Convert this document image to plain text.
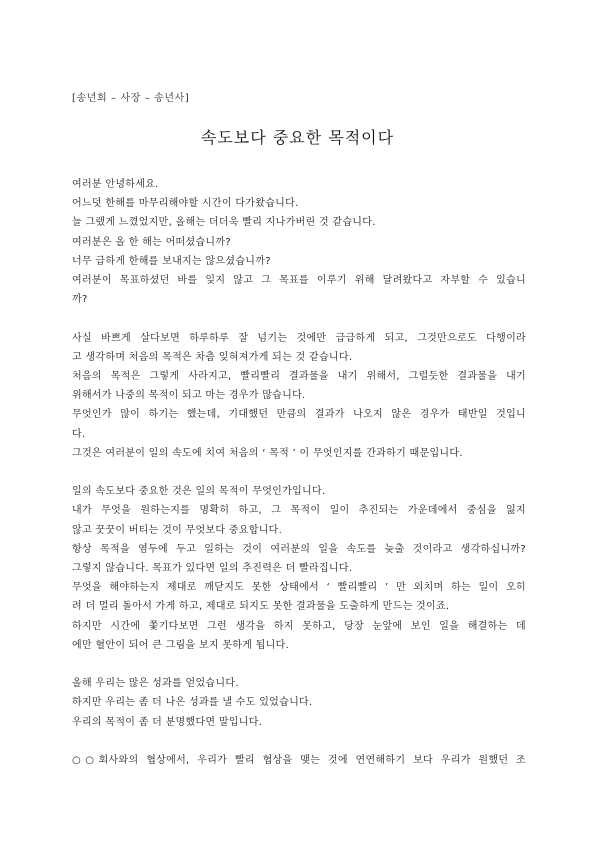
[송년회 – 사장 – 송년사]
속도보다 중요한 목적이다
여러분 안녕하세요.
어느덧 한해를 마무리해야할 시간이 다가왔습니다.
늘 그랬게 느꼈었지만, 올해는 더더욱 빨리 지나가버린 것 같습니다.
여러분은 올 한 해는 어떠셨습니까?
너무 급하게 한해를 보내지는 않으셨습니까?
여러분이 목표하셨던 바를 잊지 않고 그 목표를 이루기 위해 달려왔다고 자부할 수 있습니
까?
사실 바쁘게 살다보면 하루하루 잘 넘기는 것에만 급급하게 되고, 그것만으로도 다행이라
고 생각하며 처음의 목적은 차츰 잊혀져가게 되는 것 같습니다.
처음의 목적은 그렇게 사라지고, 빨리빨리 결과물을 내기 위해서, 그럴듯한 결과물을 내기
위해서가 나중의 목적이 되고 마는 경우가 많습니다.
무엇인가 많이 하기는 했는데, 기대했던 만큼의 결과가 나오지 않은 경우가 태반일 것입니
다.
그것은 여러분이 일의 속도에 치여 처음의 ‘ 목적 ’ 이 무엇인지를 간과하기 때문입니다.
일의 속도보다 중요한 것은 일의 목적이 무엇인가입니다.
내가 무엇을 원하는지를 명확히 하고, 그 목적이 일이 추진되는 가운데에서 중심을 잃지
않고 꿋꿋이 버티는 것이 무엇보다 중요합니다.
항상 목적을 염두에 두고 일하는 것이 여러분의 일을 속도를 늦출 것이라고 생각하십니까?
그렇지 않습니다. 목표가 있다면 일의 추진력은 더 빨라집니다.
무엇을 해야하는지 제대로 깨닫지도 못한 상태에서 ‘ 빨리빨리 ’ 만 외치며 하는 일이 오히
려 더 멀리 돌아서 가게 하고, 제대로 되지도 못한 결과물을 도출하게 만드는 것이죠.
하지만 시간에 쫓기다보면 그런 생각을 하지 못하고, 당장 눈앞에 보인 일을 해결하는 데
에만 혈안이 되어 큰 그림을 보지 못하게 됩니다.
올해 우리는 많은 성과를 얻었습니다.
하지만 우리는 좀 더 나은 성과를 낼 수도 있었습니다.
우리의 목적이 좀 더 분명했다면 말입니다.
○○회사와의 협상에서, 우리가 빨리 협상을 맺는 것에 연연해하기 보다 우리가 원했던 조
